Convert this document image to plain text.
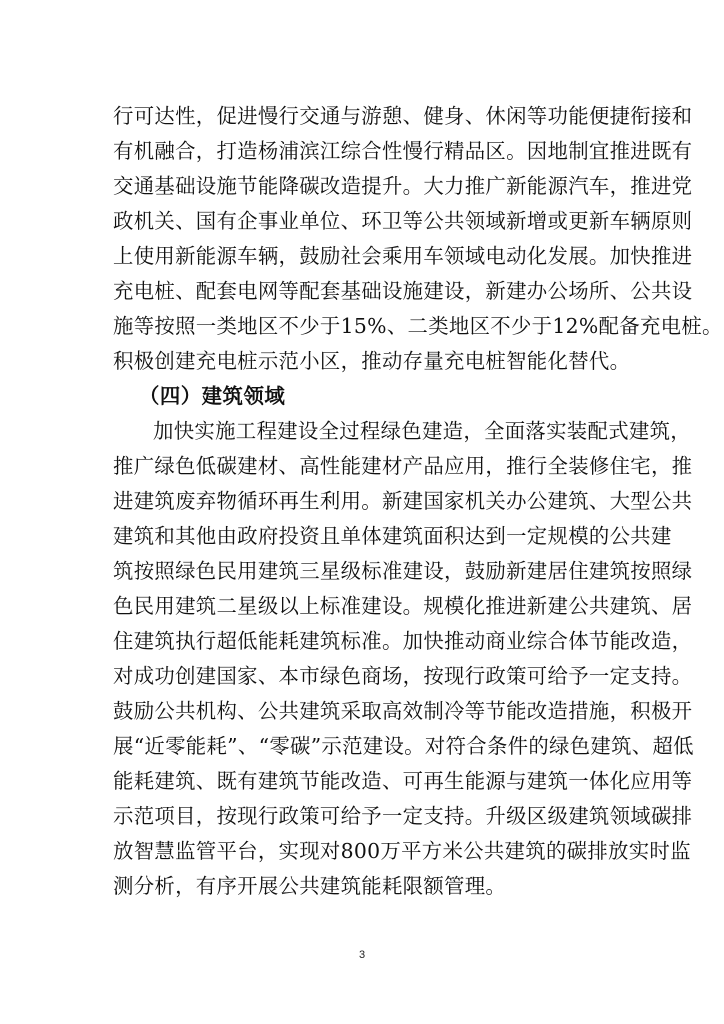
行可达性，促进慢行交通与游憩、健身、休闲等功能便捷衔接和
有机融合，打造杨浦滨江综合性慢行精品区。因地制宜推进既有
交通基础设施节能降碳改造提升。大力推广新能源汽车，推进党
政机关、国有企事业单位、环卫等公共领域新增或更新车辆原则
上使用新能源车辆，鼓励社会乘用车领域电动化发展。加快推进
充电桩、配套电网等配套基础设施建设，新建办公场所、公共设
施等按照一类地区不少于15%、二类地区不少于12%配备充电桩。
积极创建充电桩示范小区，推动存量充电桩智能化替代。
（四）建筑领域
加快实施工程建设全过程绿色建造，全面落实装配式建筑，
推广绿色低碳建材、高性能建材产品应用，推行全装修住宅，推
进建筑废弃物循环再生利用。新建国家机关办公建筑、大型公共
建筑和其他由政府投资且单体建筑面积达到一定规模的公共建
筑按照绿色民用建筑三星级标准建设，鼓励新建居住建筑按照绿
色民用建筑二星级以上标准建设。规模化推进新建公共建筑、居
住建筑执行超低能耗建筑标准。加快推动商业综合体节能改造，
对成功创建国家、本市绿色商场，按现行政策可给予一定支持。
鼓励公共机构、公共建筑采取高效制冷等节能改造措施，积极开
展“近零能耗”、“零碳”示范建设。对符合条件的绿色建筑、超低
能耗建筑、既有建筑节能改造、可再生能源与建筑一体化应用等
示范项目，按现行政策可给予一定支持。升级区级建筑领域碳排
放智慧监管平台，实现对800万平方米公共建筑的碳排放实时监
测分析，有序开展公共建筑能耗限额管理。
3
